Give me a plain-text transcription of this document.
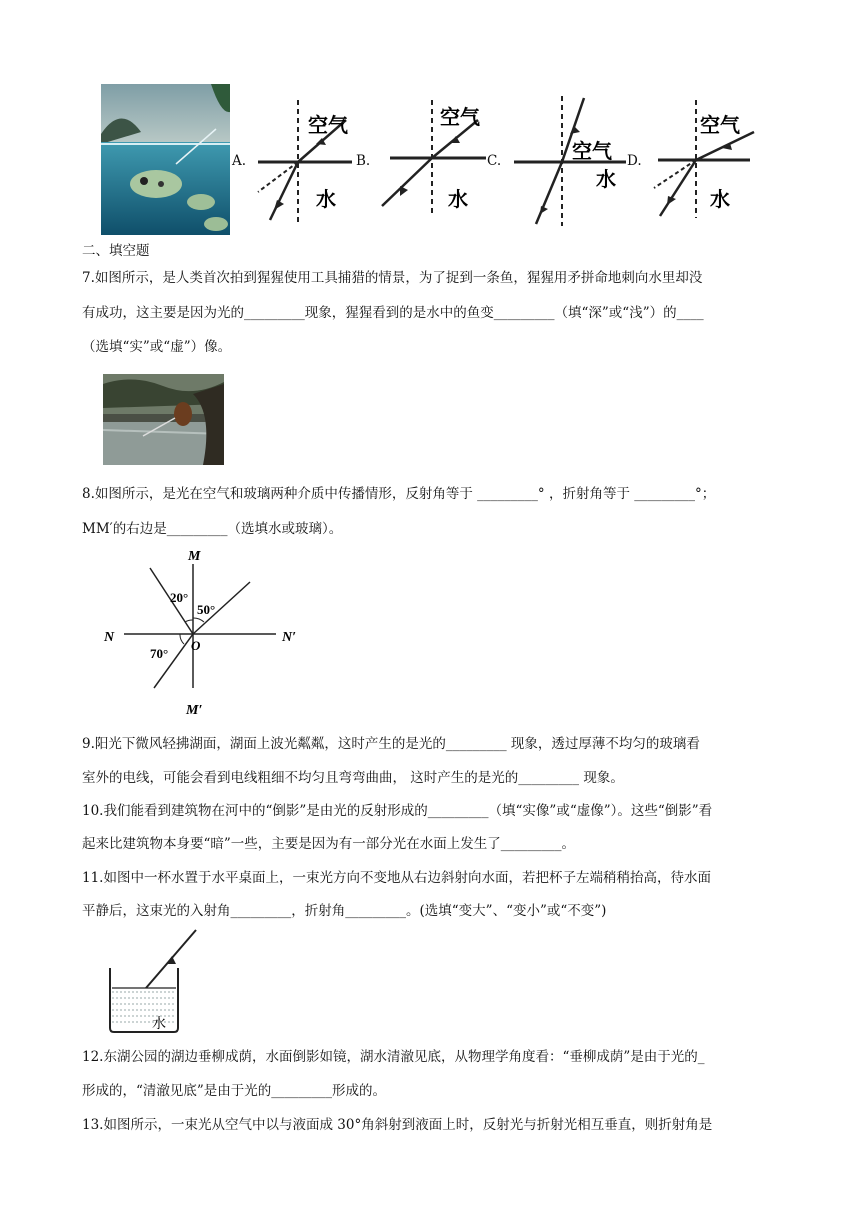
A.
空气
水
B.
空气
水
C.	空气
水
D.
空气
水
二、填空题
7.如图所示，是人类首次拍到猩猩使用工具捕猎的情景，为了捉到一条鱼，猩猩用矛拼命地刺向水里却没
有成功，这主要是因为光的_________现象，猩猩看到的是水中的鱼变_________（填“深”或“浅”）的____
（选填“实”或“虚”）像。
8.如图所示，是光在空气和玻璃两种介质中传播情形，反射角等于 _________° ，折射角等于 _________°；
MM′的右边是_________（选填水或玻璃）。
M
M′
N	N′
O
20°
50°
70°
9.阳光下微风轻拂湖面，湖面上波光粼粼，这时产生的是光的_________ 现象，透过厚薄不均匀的玻璃看
室外的电线，可能会看到电线粗细不均匀且弯弯曲曲， 这时产生的是光的_________ 现象。
10.我们能看到建筑物在河中的“倒影”是由光的反射形成的_________（填“实像”或“虚像”）。这些“倒影”看
起来比建筑物本身要“暗”一些，主要是因为有一部分光在水面上发生了_________。
11.如图中一杯水置于水平桌面上，一束光方向不变地从右边斜射向水面，若把杯子左端稍稍抬高，待水面
平静后，这束光的入射角_________，折射角_________。(选填“变大”、“变小”或“不变”)
水
12.东湖公园的湖边垂柳成荫，水面倒影如镜，湖水清澈见底，从物理学角度看：“垂柳成荫”是由于光的_
形成的，“清澈见底”是由于光的_________形成的。
13.如图所示，一束光从空气中以与液面成 30°角斜射到液面上时，反射光与折射光相互垂直，则折射角是
